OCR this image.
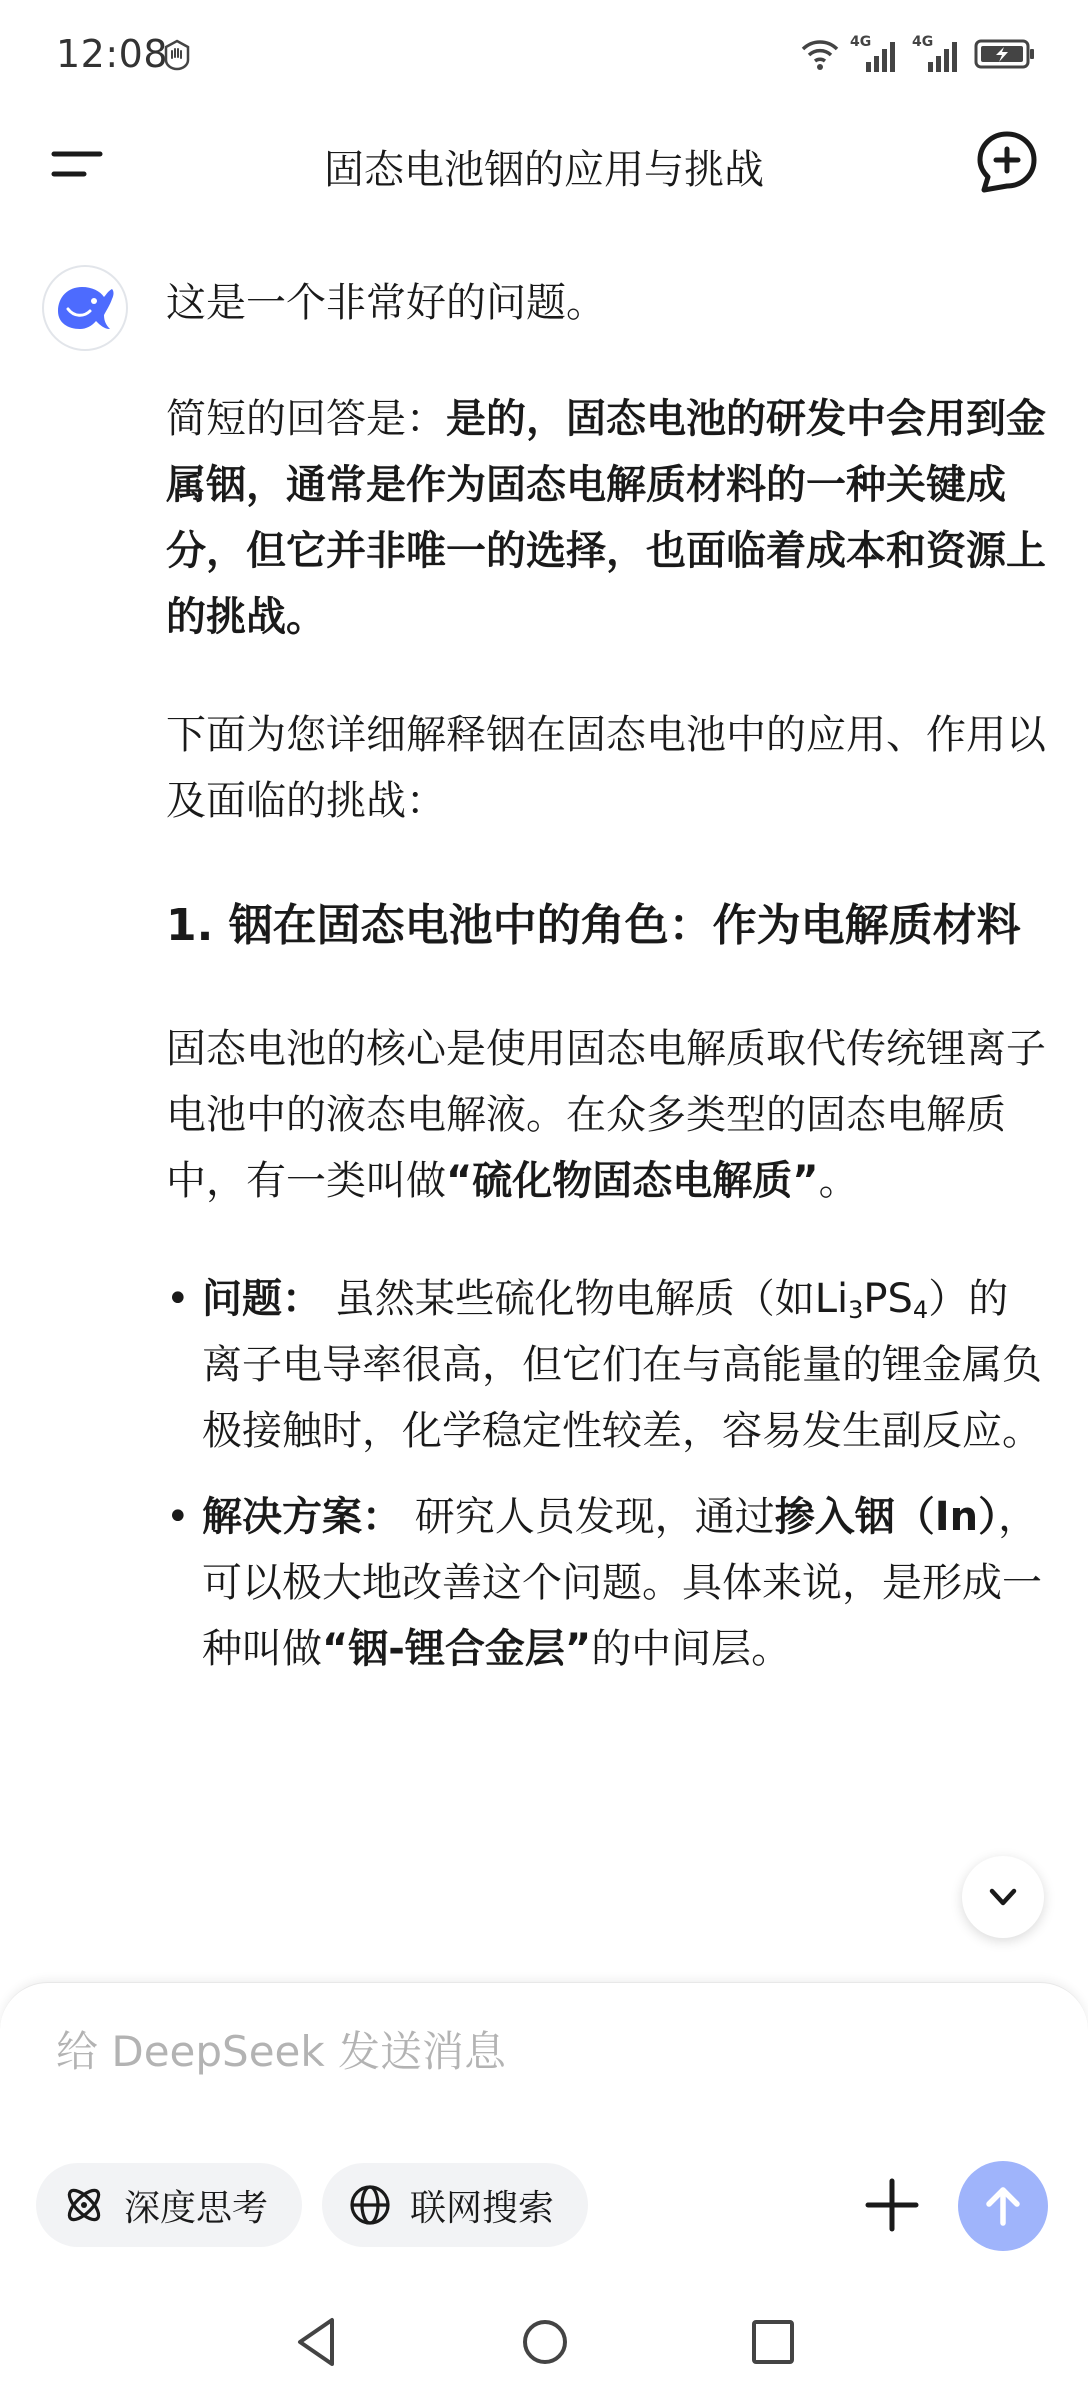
12:08	4G	4G
固态电池铟的应用与挑战

这是一个非常好的问题。

简短的回答是：是的，固态电池的研发中会用到金属铟，通常是作为固态电解质材料的一种关键成分，但它并非唯一的选择，也面临着成本和资源上的挑战。

下面为您详细解释铟在固态电池中的应用、作用以及面临的挑战：

1. 铟在固态电池中的角色：作为电解质材料

固态电池的核心是使用固态电解质取代传统锂离子电池中的液态电解液。在众多类型的固态电解质中，有一类叫做“硫化物固态电解质”。

• 问题： 虽然某些硫化物电解质（如$Li_3PS_4$）的离子电导率很高，但它们在与高能量的锂金属负极接触时，化学稳定性较差，容易发生副反应。
• 解决方案： 研究人员发现，通过掺入铟（In），可以极大地改善这个问题。具体来说，是形成一种叫做“铟-锂合金层”的中间层。
给 DeepSeek 发送消息
深度思考	联网搜索
